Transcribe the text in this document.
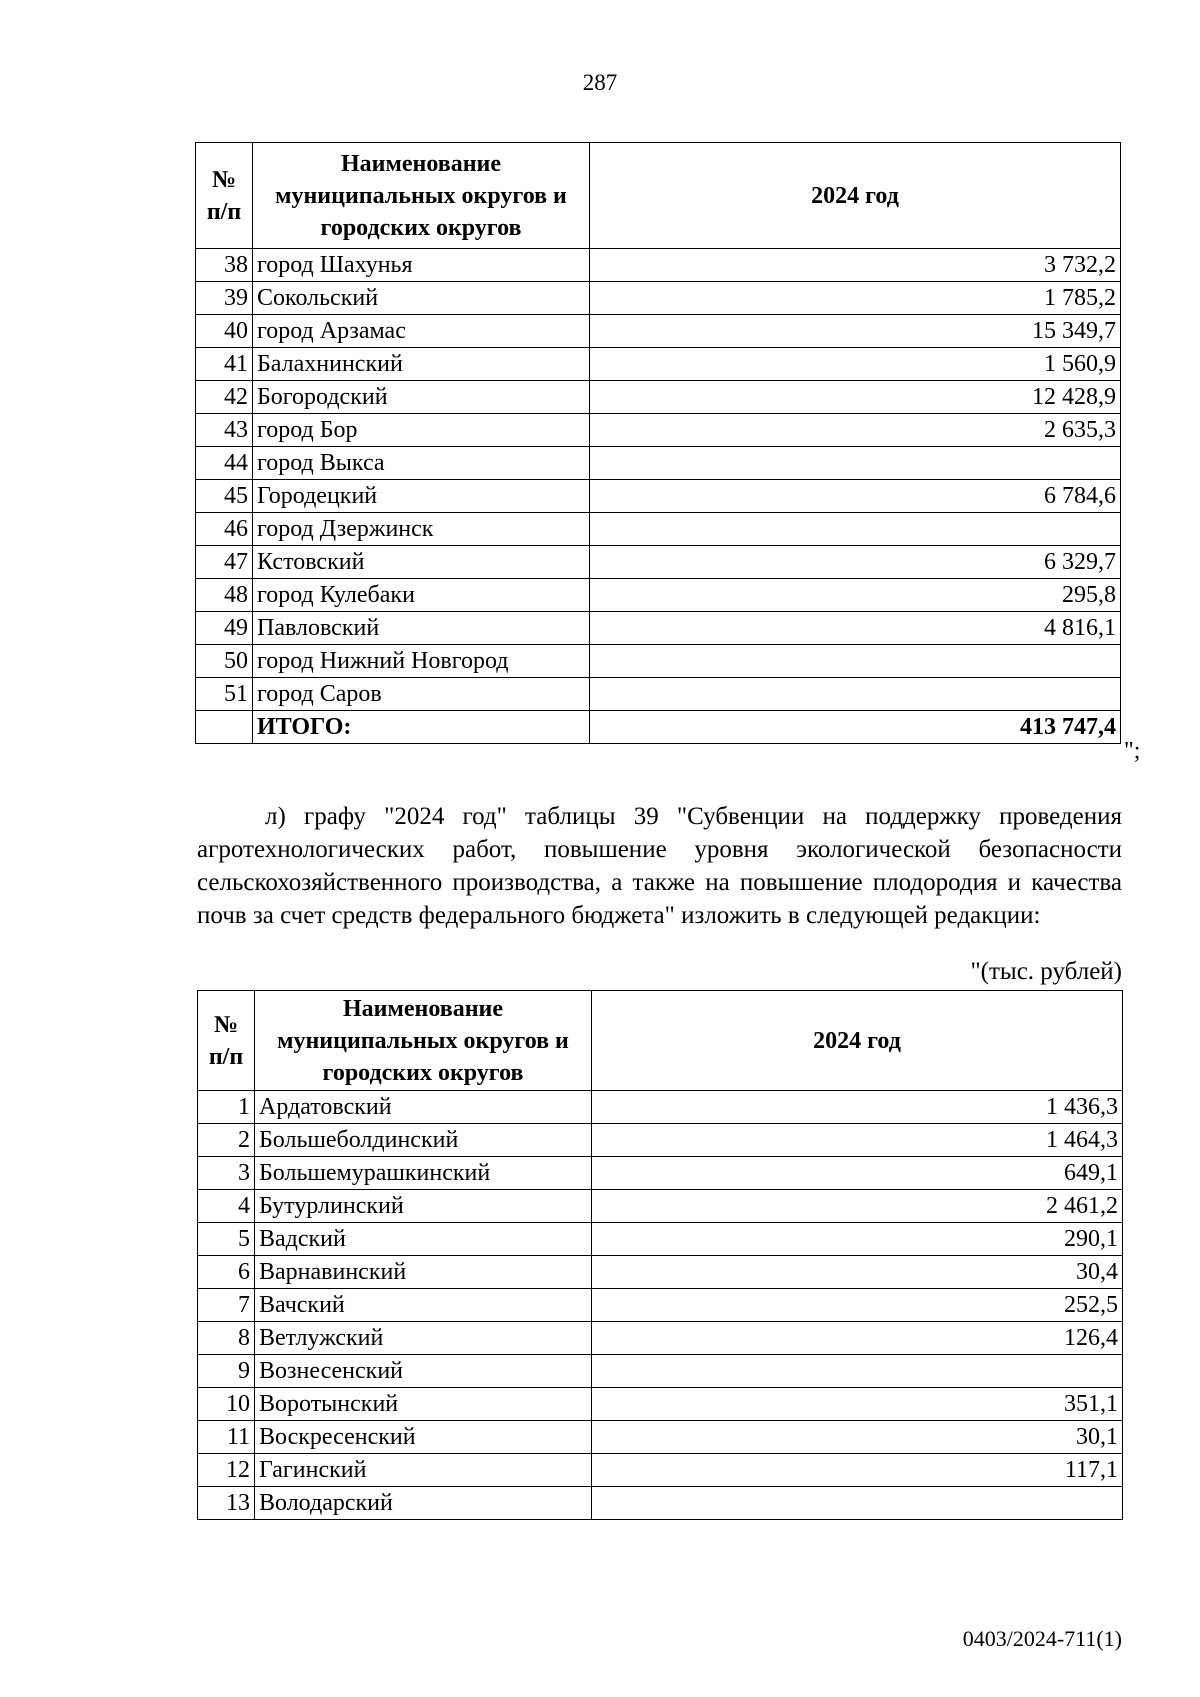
287
№ п/п	Наименование муниципальных округов и городских округов	2024 год
38	город Шахунья	3 732,2
39	Сокольский	1 785,2
40	город Арзамас	15 349,7
41	Балахнинский	1 560,9
42	Богородский	12 428,9
43	город Бор	2 635,3
44	город Выкса	
45	Городецкий	6 784,6
46	город Дзержинск	
47	Кстовский	6 329,7
48	город Кулебаки	295,8
49	Павловский	4 816,1
50	город Нижний Новгород	
51	город Саров	
	ИТОГО:	413 747,4
";
л) графу "2024 год" таблицы 39 "Субвенции на поддержку проведения агротехнологических работ, повышение уровня экологической безопасности сельскохозяйственного производства, а также на повышение плодородия и качества почв за счет средств федерального бюджета" изложить в следующей редакции:
"(тыс. рублей)
№ п/п	Наименование муниципальных округов и городских округов	2024 год
1	Ардатовский	1 436,3
2	Большеболдинский	1 464,3
3	Большемурашкинский	649,1
4	Бутурлинский	2 461,2
5	Вадский	290,1
6	Варнавинский	30,4
7	Вачский	252,5
8	Ветлужский	126,4
9	Вознесенский	
10	Воротынский	351,1
11	Воскресенский	30,1
12	Гагинский	117,1
13	Володарский	
0403/2024-711(1)
